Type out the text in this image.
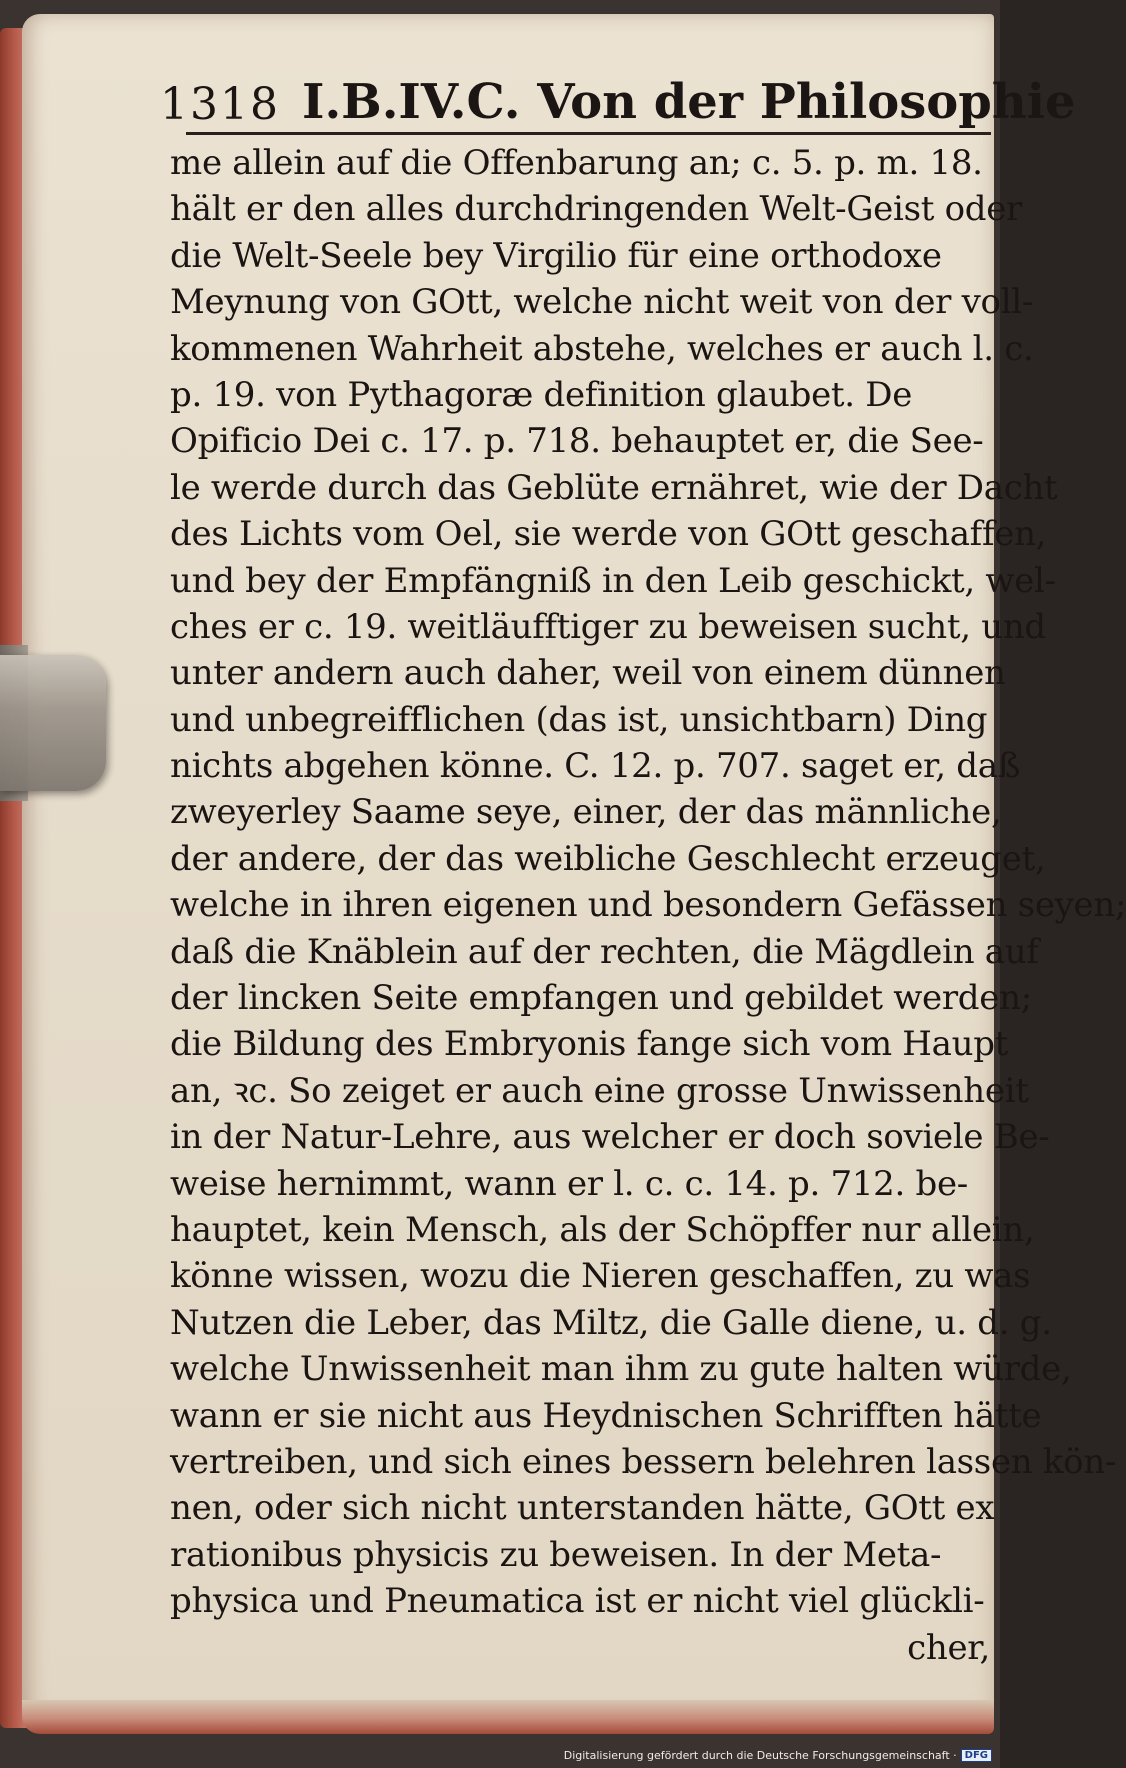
1318 I.B.IV.C. Von der Philosophie
me allein auf die Offenbarung an; c. 5. p. m. 18.
hält er den alles durchdringenden Welt-Geist oder
die Welt-Seele bey Virgilio für eine orthodoxe
Meynung von GOtt, welche nicht weit von der voll-
kommenen Wahrheit abstehe, welches er auch l. c.
p. 19. von Pythagoræ definition glaubet. De
Opificio Dei c. 17. p. 718. behauptet er, die See-
le werde durch das Geblüte ernähret, wie der Dacht
des Lichts vom Oel, sie werde von GOtt geschaffen,
und bey der Empfängniß in den Leib geschickt, wel-
ches er c. 19. weitläufftiger zu beweisen sucht, und
unter andern auch daher, weil von einem dünnen
und unbegreifflichen (das ist, unsichtbarn) Ding
nichts abgehen könne. C. 12. p. 707. saget er, daß
zweyerley Saame seye, einer, der das männliche,
der andere, der das weibliche Geschlecht erzeuget,
welche in ihren eigenen und besondern Gefässen seyen;
daß die Knäblein auf der rechten, die Mägdlein auf
der lincken Seite empfangen und gebildet werden;
die Bildung des Embryonis fange sich vom Haupt
an, ꝛc. So zeiget er auch eine grosse Unwissenheit
in der Natur-Lehre, aus welcher er doch soviele Be-
weise hernimmt, wann er l. c. c. 14. p. 712. be-
hauptet, kein Mensch, als der Schöpffer nur allein,
könne wissen, wozu die Nieren geschaffen, zu was
Nutzen die Leber, das Miltz, die Galle diene, u. d. g.
welche Unwissenheit man ihm zu gute halten würde,
wann er sie nicht aus Heydnischen Schrifften hätte
vertreiben, und sich eines bessern belehren lassen kön-
nen, oder sich nicht unterstanden hätte, GOtt ex
rationibus physicis zu beweisen. In der Meta-
physica und Pneumatica ist er nicht viel glückli-
cher,
Digitalisierung gefördert durch die Deutsche Forschungsgemeinschaft · DFG
